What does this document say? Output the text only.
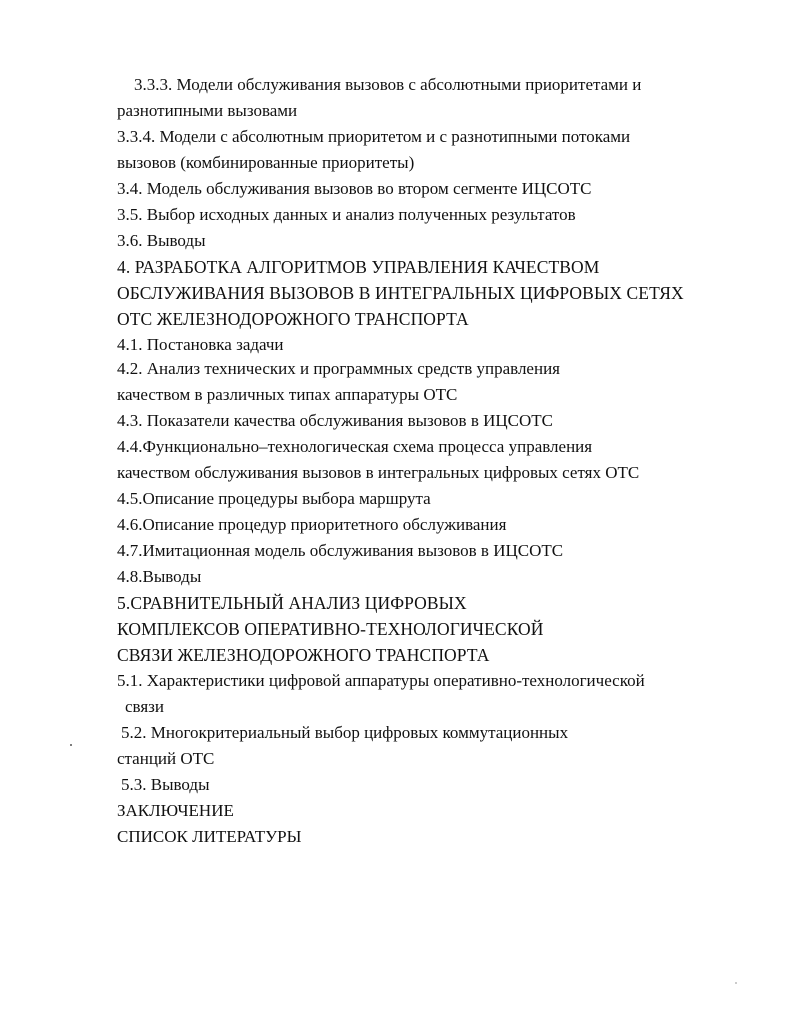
3.3.3. Модели обслуживания вызовов с абсолютными приоритетами и
разнотипными вызовами
3.3.4. Модели с абсолютным приоритетом и с разнотипными потоками
вызовов (комбинированные приоритеты)
3.4. Модель обслуживания вызовов во втором сегменте ИЦСОТС
3.5. Выбор исходных данных и анализ полученных результатов
3.6. Выводы
4. РАЗРАБОТКА АЛГОРИТМОВ УПРАВЛЕНИЯ КАЧЕСТВОМ
ОБСЛУЖИВАНИЯ ВЫЗОВОВ В ИНТЕГРАЛЬНЫХ ЦИФРОВЫХ СЕТЯХ
ОТС ЖЕЛЕЗНОДОРОЖНОГО ТРАНСПОРТА
4.1. Постановка задачи
4.2. Анализ технических и программных средств управления
качеством в различных типах аппаратуры ОТС
4.3. Показатели качества обслуживания вызовов в ИЦСОТС
4.4.Функционально–технологическая схема процесса управления
качеством обслуживания вызовов в интегральных цифровых сетях ОТС
4.5.Описание процедуры выбора маршрута
4.6.Описание процедур приоритетного обслуживания
4.7.Имитационная модель обслуживания вызовов в ИЦСОТС
4.8.Выводы
5.СРАВНИТЕЛЬНЫЙ АНАЛИЗ ЦИФРОВЫХ
КОМПЛЕКСОВ ОПЕРАТИВНО-ТЕХНОЛОГИЧЕСКОЙ
СВЯЗИ ЖЕЛЕЗНОДОРОЖНОГО ТРАНСПОРТА
5.1. Характеристики цифровой аппаратуры оперативно-технологической
связи
5.2. Многокритериальный выбор цифровых коммутационных
станций ОТС
5.3. Выводы
ЗАКЛЮЧЕНИЕ
СПИСОК ЛИТЕРАТУРЫ
